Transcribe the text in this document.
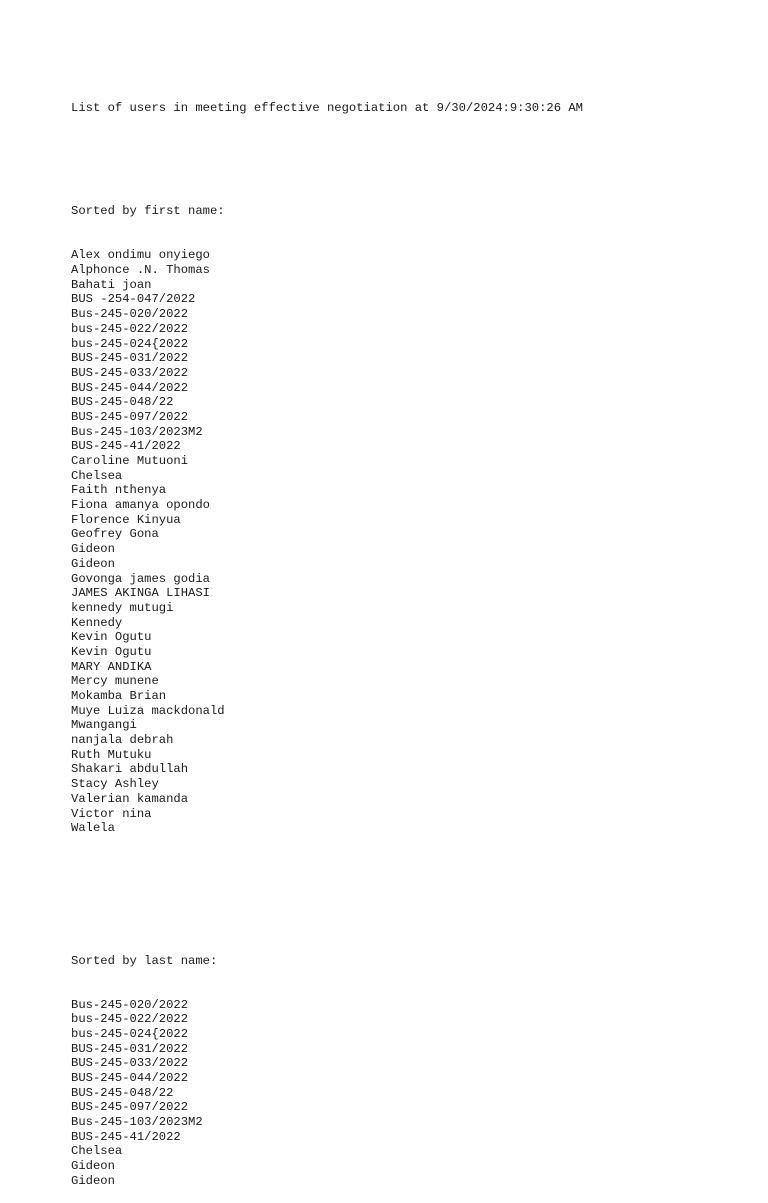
List of users in meeting effective negotiation at 9/30/2024:9:30:26 AM

Sorted by first name:

Alex ondimu onyiego
Alphonce .N. Thomas
Bahati joan
BUS -254-047/2022
Bus-245-020/2022
bus-245-022/2022
bus-245-024{2022
BUS-245-031/2022
BUS-245-033/2022
BUS-245-044/2022
BUS-245-048/22
BUS-245-097/2022
Bus-245-103/2023M2
BUS-245-41/2022
Caroline Mutuoni
Chelsea
Faith nthenya
Fiona amanya opondo
Florence Kinyua
Geofrey Gona
Gideon
Gideon
Govonga james godia
JAMES AKINGA LIHASI
kennedy mutugi
Kennedy
Kevin Ogutu
Kevin Ogutu
MARY ANDIKA
Mercy munene
Mokamba Brian
Muye Luiza mackdonald
Mwangangi
nanjala debrah
Ruth Mutuku
Shakari abdullah
Stacy Ashley
Valerian kamanda
Victor nina
Walela

Sorted by last name:

Bus-245-020/2022
bus-245-022/2022
bus-245-024{2022
BUS-245-031/2022
BUS-245-033/2022
BUS-245-044/2022
BUS-245-048/22
BUS-245-097/2022
Bus-245-103/2023M2
BUS-245-41/2022
Chelsea
Gideon
Gideon
